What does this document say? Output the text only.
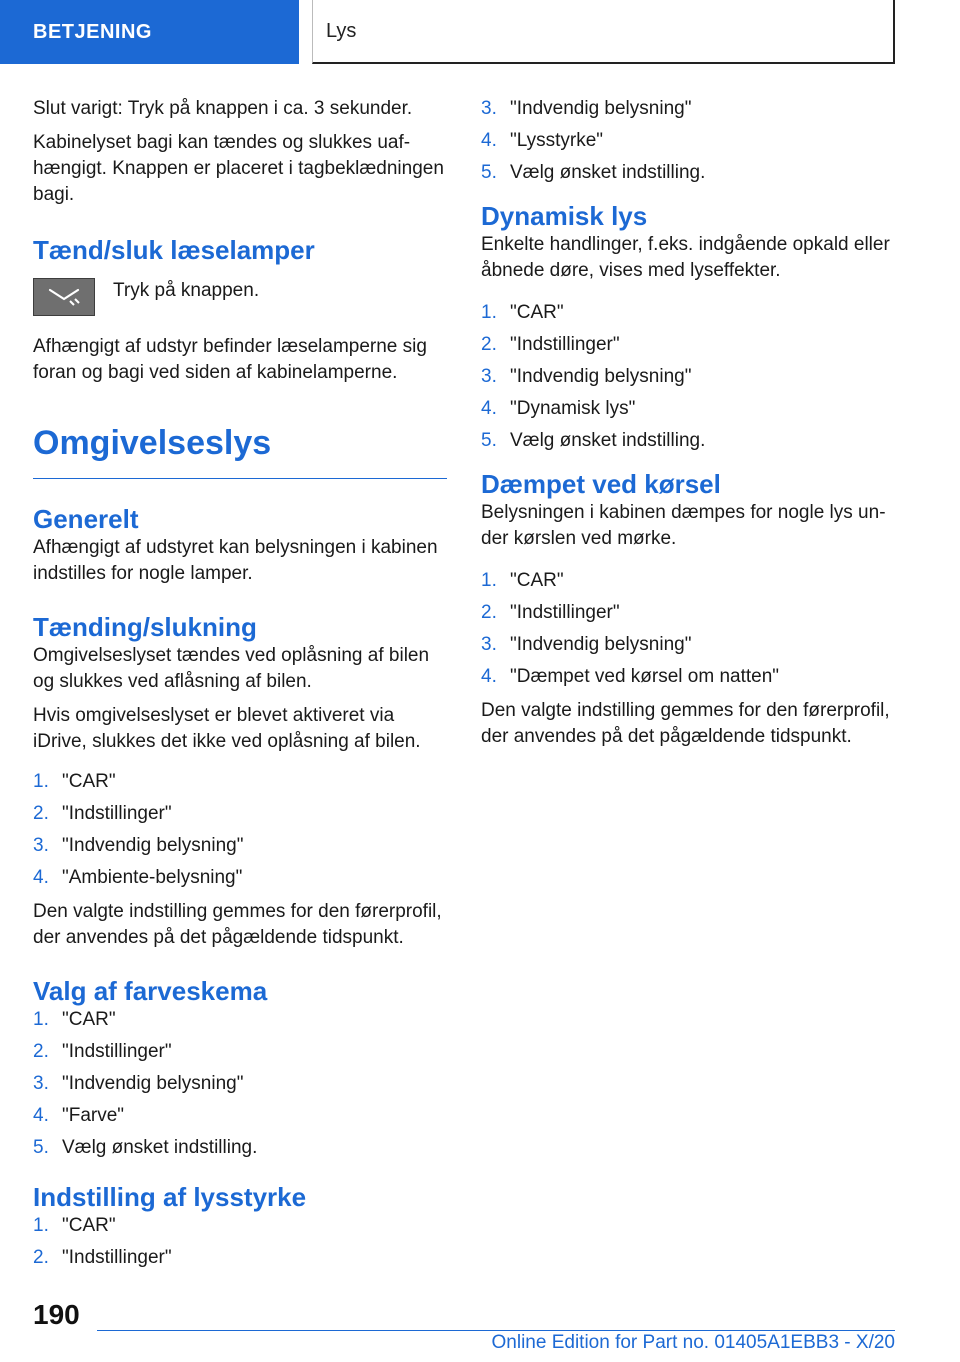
BETJENING	Lys

Slut varigt: Tryk på knappen i ca. 3 sekunder.

Kabinelyset bagi kan tændes og slukkes uafhængigt. Knappen er placeret i tagbeklædningen bagi.

Tænd/sluk læselamper

Tryk på knappen.

Afhængigt af udstyr befinder læselamperne sig foran og bagi ved siden af kabinelamperne.

Omgivelseslys
Generelt

Afhængigt af udstyret kan belysningen i kabinen indstilles for nogle lamper.

Tænding/slukning

Omgivelseslyset tændes ved oplåsning af bilen og slukkes ved aflåsning af bilen.

Hvis omgivelseslyset er blevet aktiveret via iDrive, slukkes det ikke ved oplåsning af bilen.

1. "CAR"
2. "Indstillinger"
3. "Indvendig belysning"
4. "Ambiente-belysning"

Den valgte indstilling gemmes for den førerprofil, der anvendes på det pågældende tidspunkt.

Valg af farveskema
1. "CAR"
2. "Indstillinger"
3. "Indvendig belysning"
4. "Farve"
5. Vælg ønsket indstilling.
Indstilling af lysstyrke
1. "CAR"
2. "Indstillinger"
3. "Indvendig belysning"
4. "Lysstyrke"
5. Vælg ønsket indstilling.
Dynamisk lys

Enkelte handlinger, f.eks. indgående opkald eller åbnede døre, vises med lyseffekter.

1. "CAR"
2. "Indstillinger"
3. "Indvendig belysning"
4. "Dynamisk lys"
5. Vælg ønsket indstilling.
Dæmpet ved kørsel

Belysningen i kabinen dæmpes for nogle lys under kørslen ved mørke.

1. "CAR"
2. "Indstillinger"
3. "Indvendig belysning"
4. "Dæmpet ved kørsel om natten"

Den valgte indstilling gemmes for den førerprofil, der anvendes på det pågældende tidspunkt.

190
Online Edition for Part no. 01405A1EBB3 - X/20
